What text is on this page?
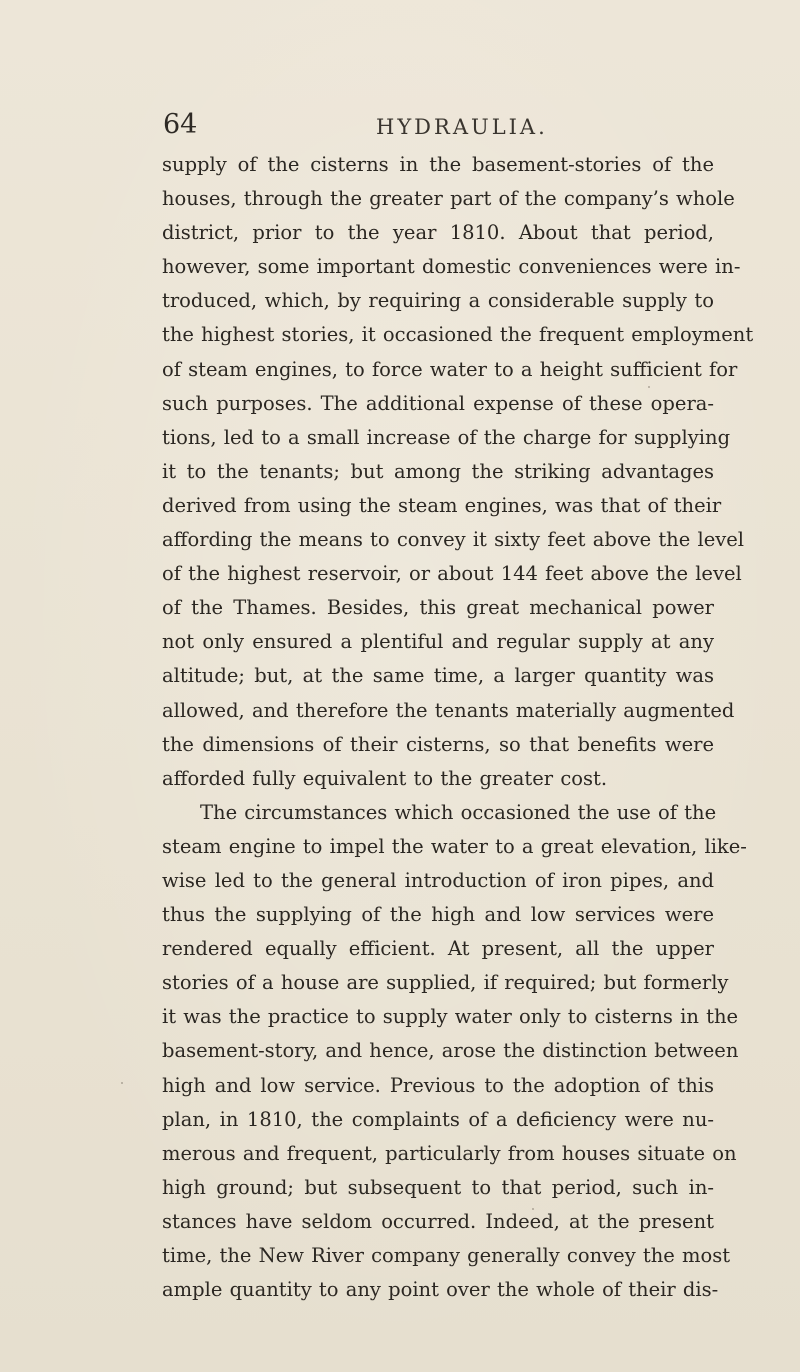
64	HYDRAULIA.
supply of the cisterns in the basement-stories of the
houses, through the greater part of the company’s whole
district, prior to the year 1810. About that period,
however, some important domestic conveniences were in-
troduced, which, by requiring a considerable supply to
the highest stories, it occasioned the frequent employment
of steam engines, to force water to a height sufficient for
such purposes. The additional expense of these opera-
tions, led to a small increase of the charge for supplying
it to the tenants; but among the striking advantages
derived from using the steam engines, was that of their
affording the means to convey it sixty feet above the level
of the highest reservoir, or about 144 feet above the level
of the Thames. Besides, this great mechanical power
not only ensured a plentiful and regular supply at any
altitude; but, at the same time, a larger quantity was
allowed, and therefore the tenants materially augmented
the dimensions of their cisterns, so that benefits were
afforded fully equivalent to the greater cost.
The circumstances which occasioned the use of the
steam engine to impel the water to a great elevation, like-
wise led to the general introduction of iron pipes, and
thus the supplying of the high and low services were
rendered equally efficient. At present, all the upper
stories of a house are supplied, if required; but formerly
it was the practice to supply water only to cisterns in the
basement-story, and hence, arose the distinction between
high and low service. Previous to the adoption of this
plan, in 1810, the complaints of a deficiency were nu-
merous and frequent, particularly from houses situate on
high ground; but subsequent to that period, such in-
stances have seldom occurred. Indeed, at the present
time, the New River company generally convey the most
ample quantity to any point over the whole of their dis-
